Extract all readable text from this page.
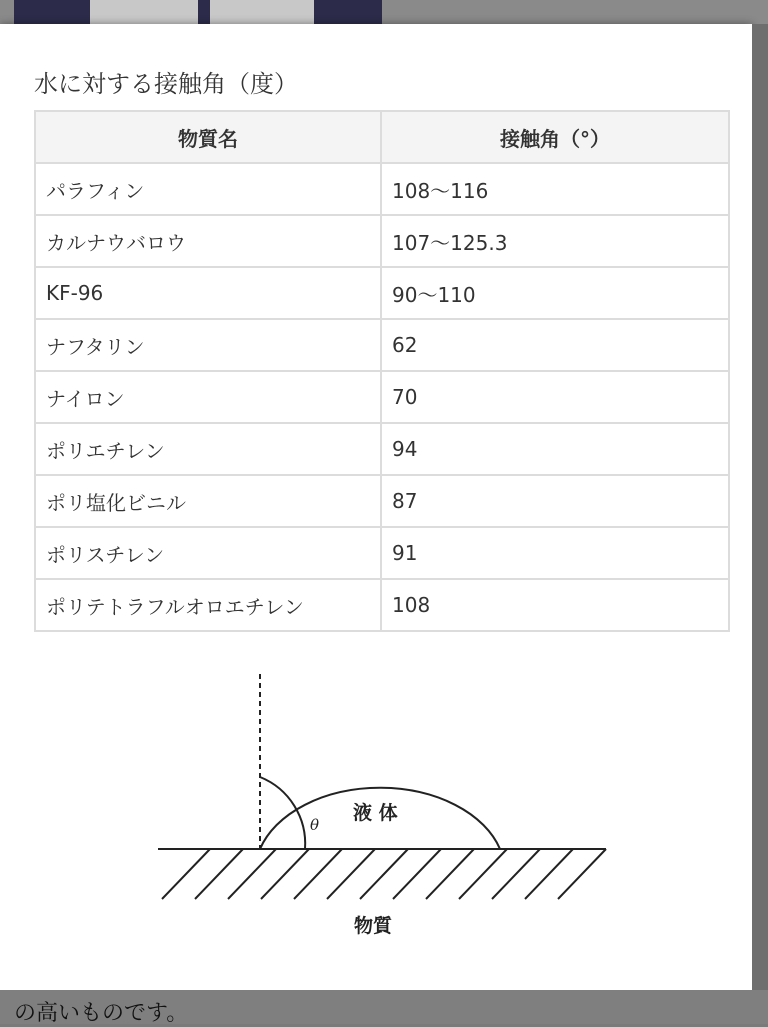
水に対する接触角（度）
物質名	接触角（°）
パラフィン	108〜116
カルナウバロウ	107〜125.3
KF-96	90〜110
ナフタリン	62
ナイロン	70
ポリエチレン	94
ポリ塩化ビニル	87
ポリスチレン	91
ポリテトラフルオロエチレン	108
θ
液 体
物質
の高いものです。
